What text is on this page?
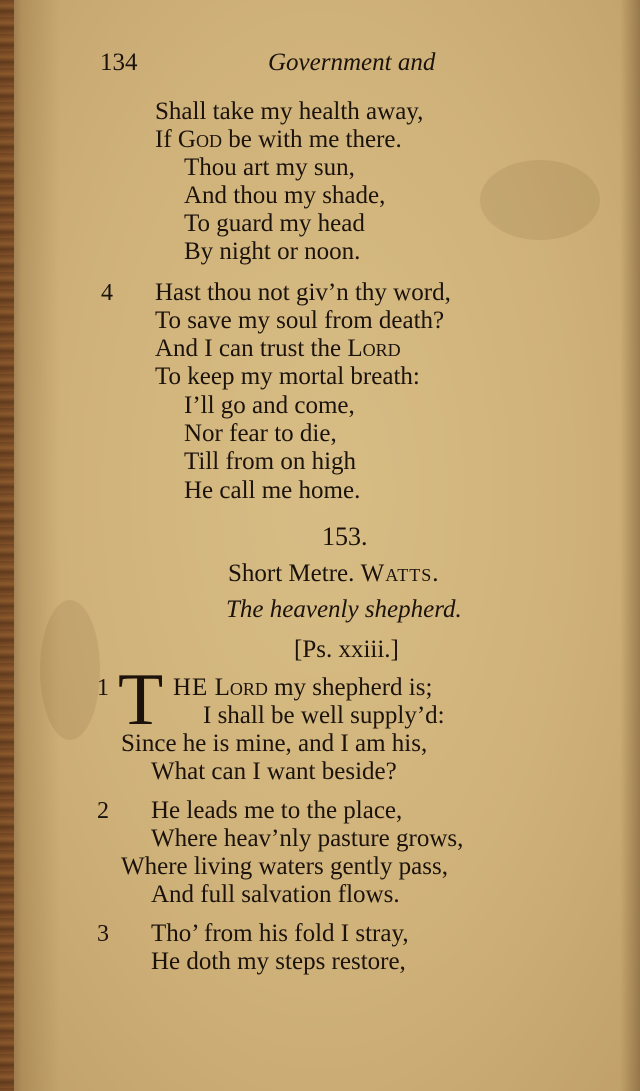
134	Government and
Shall take my health away,
If God be with me there.
Thou art my sun,
And thou my shade,
To guard my head
By night or noon.
4 Hast thou not giv’n thy word,
To save my soul from death?
And I can trust the Lord
To keep my mortal breath:
I’ll go and come,
Nor fear to die,
Till from on high
He call me home.
153.
Short Metre. Watts.
The heavenly shepherd.
[Ps. xxiii.]
1 T HE Lord my shepherd is;
I shall be well supply’d:
Since he is mine, and I am his,
What can I want beside?
2 He leads me to the place,
Where heav’nly pasture grows,
Where living waters gently pass,
And full salvation flows.
3 Tho’ from his fold I stray,
He doth my steps restore,
